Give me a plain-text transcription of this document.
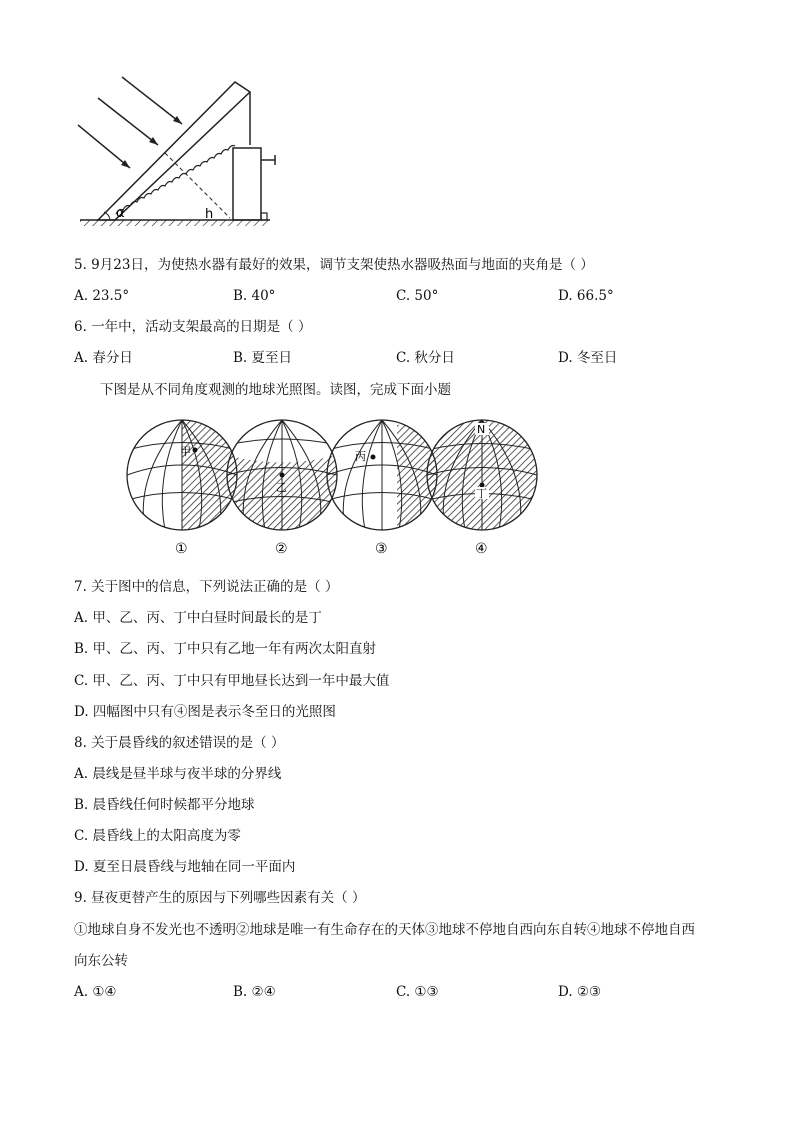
h
α
5. 9月23日，为使热水器有最好的效果，调节支架使热水器吸热面与地面的夹角是（ ）
A. 23.5°	B. 40°	C. 50°	D. 66.5°
6. 一年中，活动支架最高的日期是（ ）
A. 春分日	B. 夏至日	C. 秋分日	D. 冬至日
下图是从不同角度观测的地球光照图。读图，完成下面小题
甲
①
乙
②
丙
③
N
丁
④
7. 关于图中的信息，下列说法正确的是（ ）
A. 甲、乙、丙、丁中白昼时间最长的是丁
B. 甲、乙、丙、丁中只有乙地一年有两次太阳直射
C. 甲、乙、丙、丁中只有甲地昼长达到一年中最大值
D. 四幅图中只有④图是表示冬至日的光照图
8. 关于晨昏线的叙述错误的是（ ）
A. 晨线是昼半球与夜半球的分界线
B. 晨昏线任何时候都平分地球
C. 晨昏线上的太阳高度为零
D. 夏至日晨昏线与地轴在同一平面内
9. 昼夜更替产生的原因与下列哪些因素有关（ ）
①地球自身不发光也不透明②地球是唯一有生命存在的天体③地球不停地自西向东自转④地球不停地自西
向东公转
A. ①④	B. ②④	C. ①③	D. ②③
